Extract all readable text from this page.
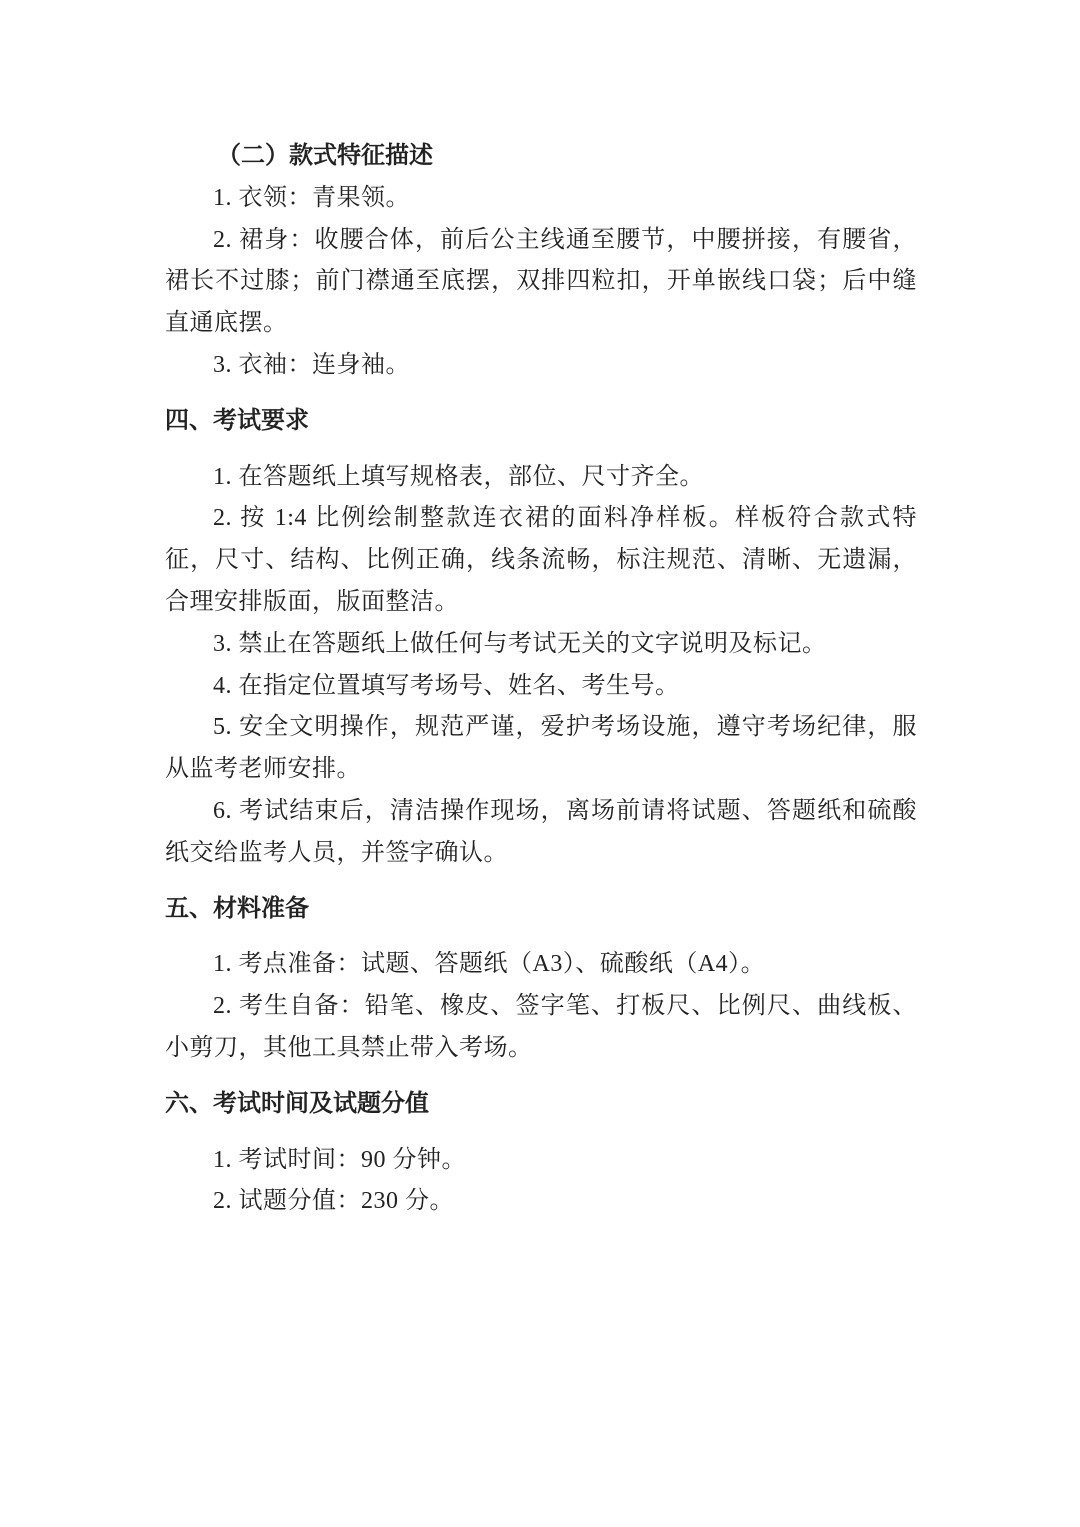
（二）款式特征描述

1. 衣领：青果领。

2. 裙身：收腰合体，前后公主线通至腰节，中腰拼接，有腰省，裙长不过膝；前门襟通至底摆，双排四粒扣，开单嵌线口袋；后中缝直通底摆。

3. 衣袖：连身袖。

四、考试要求

1. 在答题纸上填写规格表，部位、尺寸齐全。

2. 按 1:4 比例绘制整款连衣裙的面料净样板。样板符合款式特征，尺寸、结构、比例正确，线条流畅，标注规范、清晰、无遗漏，合理安排版面，版面整洁。

3. 禁止在答题纸上做任何与考试无关的文字说明及标记。

4. 在指定位置填写考场号、姓名、考生号。

5. 安全文明操作，规范严谨，爱护考场设施，遵守考场纪律，服从监考老师安排。

6. 考试结束后，清洁操作现场，离场前请将试题、答题纸和硫酸纸交给监考人员，并签字确认。

五、材料准备

1. 考点准备：试题、答题纸（A3）、硫酸纸（A4）。

2. 考生自备：铅笔、橡皮、签字笔、打板尺、比例尺、曲线板、小剪刀，其他工具禁止带入考场。

六、考试时间及试题分值

1. 考试时间：90 分钟。

2. 试题分值：230 分。
